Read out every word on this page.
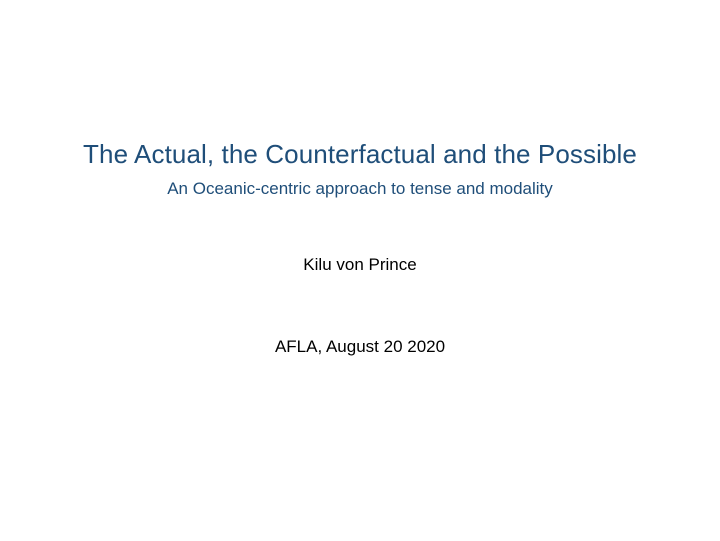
The Actual, the Counterfactual and the Possible
An Oceanic-centric approach to tense and modality
Kilu von Prince
AFLA, August 20 2020
